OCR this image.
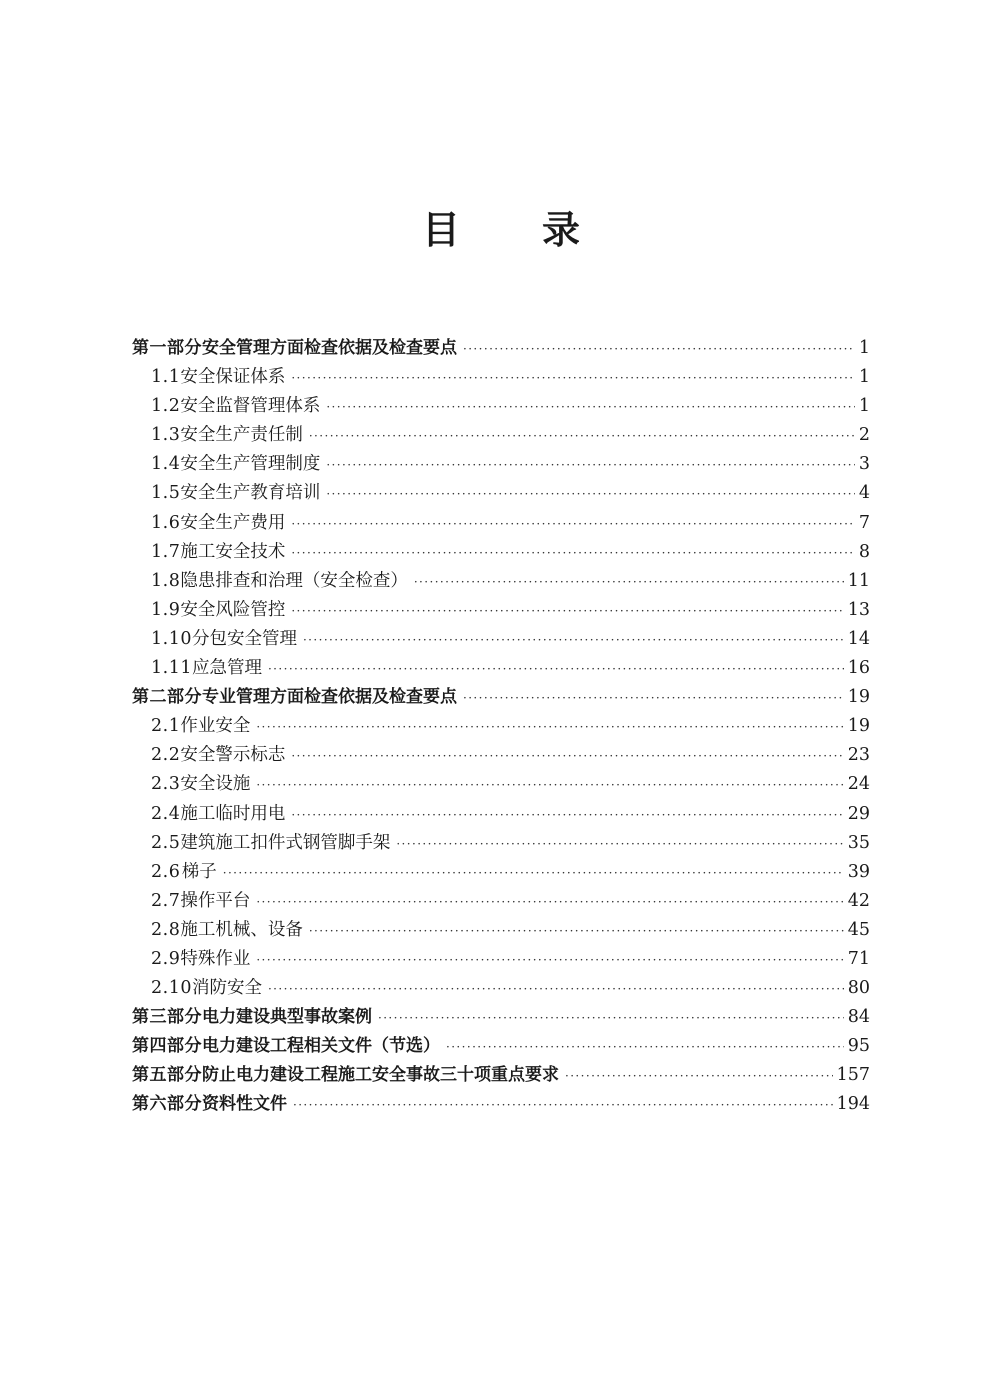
目 录
第一部分 安全管理方面检查依据及检查要点 ·····	1
1.1 安全保证体系 ·····	1
1.2 安全监督管理体系 ·····	1
1.3 安全生产责任制 ·····	2
1.4 安全生产管理制度 ·····	3
1.5 安全生产教育培训 ·····	4
1.6 安全生产费用 ·····	7
1.7 施工安全技术 ·····	8
1.8 隐患排查和治理（安全检查） ·····	11
1.9 安全风险管控 ·····	13
1.10 分包安全管理 ·····	14
1.11 应急管理 ·····	16
第二部分 专业管理方面检查依据及检查要点 ·····	19
2.1 作业安全 ·····	19
2.2 安全警示标志 ·····	23
2.3 安全设施 ·····	24
2.4 施工临时用电 ·····	29
2.5 建筑施工扣件式钢管脚手架 ·····	35
2.6 梯子 ·····	39
2.7 操作平台 ·····	42
2.8 施工机械、设备 ·····	45
2.9 特殊作业 ·····	71
2.10 消防安全 ·····	80
第三部分 电力建设典型事故案例 ·····	84
第四部分 电力建设工程相关文件（节选） ·····	95
第五部分 防止电力建设工程施工安全事故三十项重点要求 ·····	157
第六部分 资料性文件 ·····	194
